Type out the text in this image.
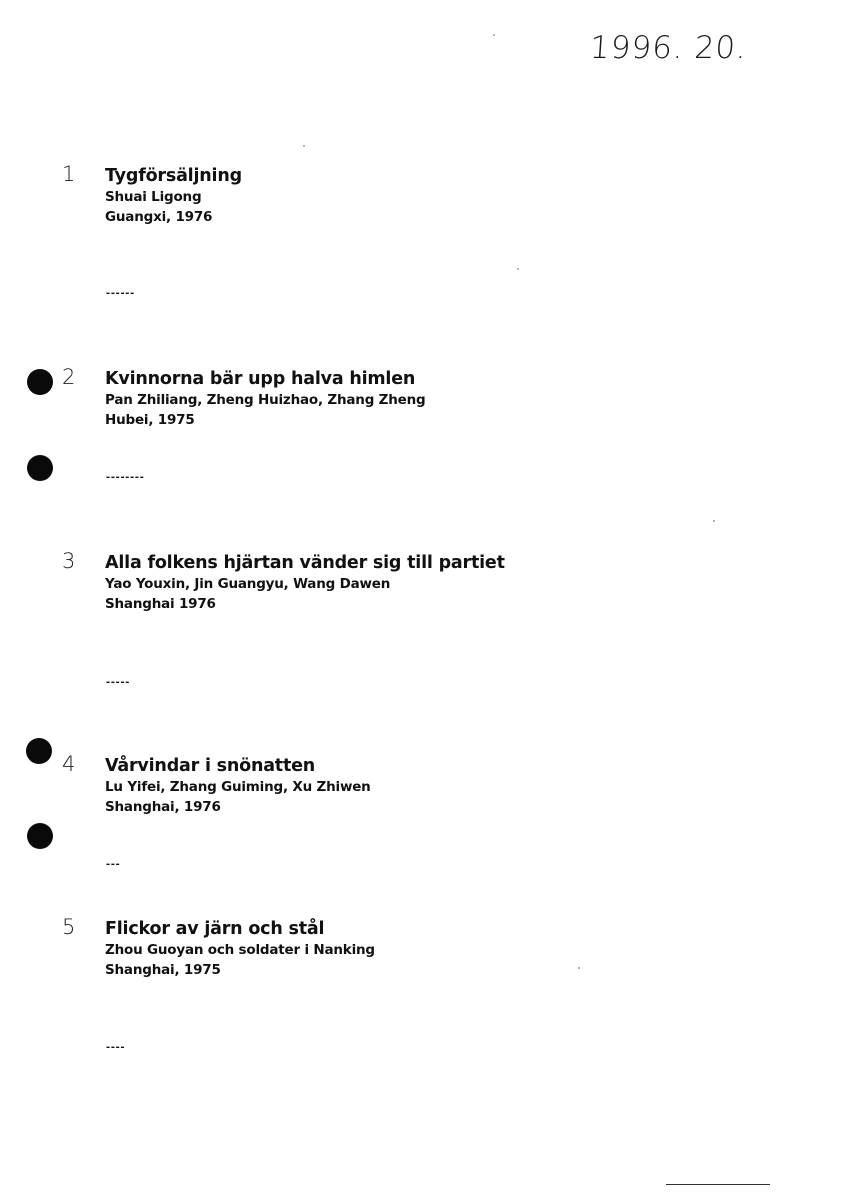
1996. 20.
1 Tygförsäljning
Shuai Ligong
Guangxi, 1976
------
2 Kvinnorna bär upp halva himlen
Pan Zhiliang, Zheng Huizhao, Zhang Zheng
Hubei, 1975
--------
3 Alla folkens hjärtan vänder sig till partiet
Yao Youxin, Jin Guangyu, Wang Dawen
Shanghai 1976
-----
4 Vårvindar i snönatten
Lu Yifei, Zhang Guiming, Xu Zhiwen
Shanghai, 1976
---
5 Flickor av järn och stål
Zhou Guoyan och soldater i Nanking
Shanghai, 1975
----
